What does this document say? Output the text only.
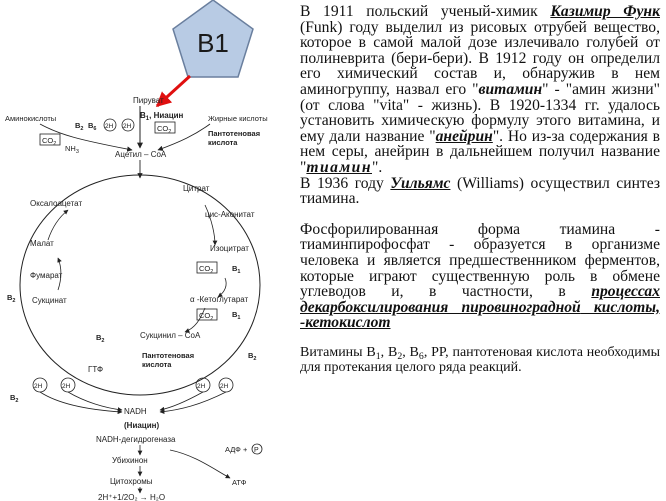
B1
Пируват
$B_1$, Ниацин
$CO_2$
Аминокислоты
$B_2$ $B_6$ 2H 2H
$CO_2$ $NH_3$
Жирные кислоты
Пантотеновая
кислота
Ацетил – CoA
Цитрат
Оксалоацетат
цис-Аконитат
Малат
Изоцитрат
$CO_2$ $B_1$
Фумарат
α -Кетоглутарат
$B_2$ Сукцинат
$CO_2$ $B_1$
$B_2$
Сукцинил – CoA
Пантотеновая
кислота
ГТФ
$B_2$
$B_2$
2H	2H	2H 2H
NADH
(Ниацин)
NADH-дегидрогеназа
Убихинон
Цитохромы
2H⁺+1/2O₂ → H₂O
АДФ + P
АТФ

В 1911 польский ученый-химик Казимир Функ (Funk) году выделил из рисовых отрубей вещество, которое в самой малой дозе излечивало голубей от полиневрита (бери-бери). В 1912 году он определил его химический состав и, обнаружив в нем аминогруппу, назвал его "витамин" - "амин жизни" (от слова "vita" - жизнь). В 1920-1334 гг. удалось установить химическую формулу этого витамина, и ему дали название "анейрин". Но из-за содержания в нем серы, анейрин в дальнейшем получил название "тиамин".

В 1936 году Уильямс (Williams) осуществил синтез тиамина.

Фосфорилированная форма тиамина - тиаминпирофосфат - образуется в организме человека и является предшественником ферментов, которые играют существенную роль в обмене углеводов и, в частности, в процессах декарбоксилирования пировиноградной кислоты, -кетокислот

Витамины $B_1$, $B_2$, $B_6$, PP, пантотеновая кислота необходимы для протекания целого ряда реакций.
